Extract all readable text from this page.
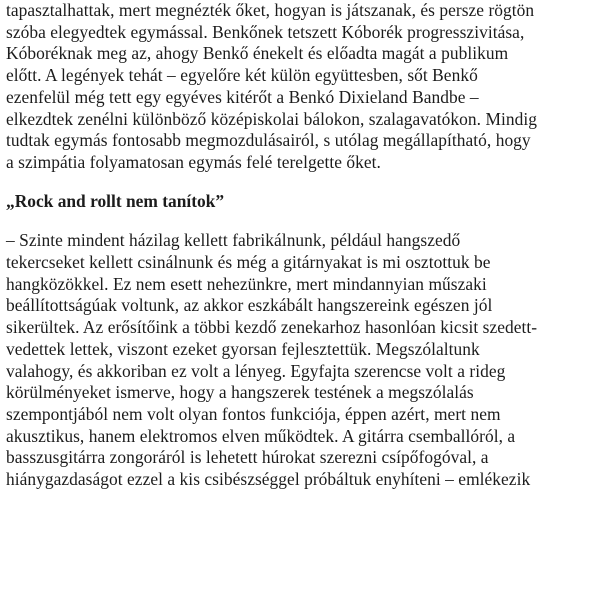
tapasztalhattak, mert megnézték őket, hogyan is játszanak, és persze rögtön
szóba elegyedtek egymással. Benkőnek tetszett Kóborék progresszivitása,
Kóboréknak meg az, ahogy Benkő énekelt és előadta magát a publikum
előtt. A legények tehát – egyelőre két külön együttesben, sőt Benkő
ezenfelül még tett egy egyéves kitérőt a Benkó Dixieland Bandbe –
elkezdtek zenélni különböző középiskolai bálokon, szalagavatókon. Mindig
tudtak egymás fontosabb megmozdulásairól, s utólag megállapítható, hogy
a szimpátia folyamatosan egymás felé terelgette őket.
„Rock and rollt nem tanítok”
– Szinte mindent házilag kellett fabrikálnunk, például hangszedő
tekercseket kellett csinálnunk és még a gitárnyakat is mi osztottuk be
hangközökkel. Ez nem esett nehezünkre, mert mindannyian műszaki
beállítottságúak voltunk, az akkor eszkábált hangszereink egészen jól
sikerültek. Az erősítőink a többi kezdő zenekarhoz hasonlóan kicsit szedett-
vedettek lettek, viszont ezeket gyorsan fejlesztettük. Megszólaltunk
valahogy, és akkoriban ez volt a lényeg. Egyfajta szerencse volt a rideg
körülményeket ismerve, hogy a hangszerek testének a megszólalás
szempontjából nem volt olyan fontos funkciója, éppen azért, mert nem
akusztikus, hanem elektromos elven működtek. A gitárra csemballóról, a
basszusgitárra zongoráról is lehetett húrokat szerezni csípőfogóval, a
hiánygazdaságot ezzel a kis csibészséggel próbáltuk enyhíteni – emlékezik
